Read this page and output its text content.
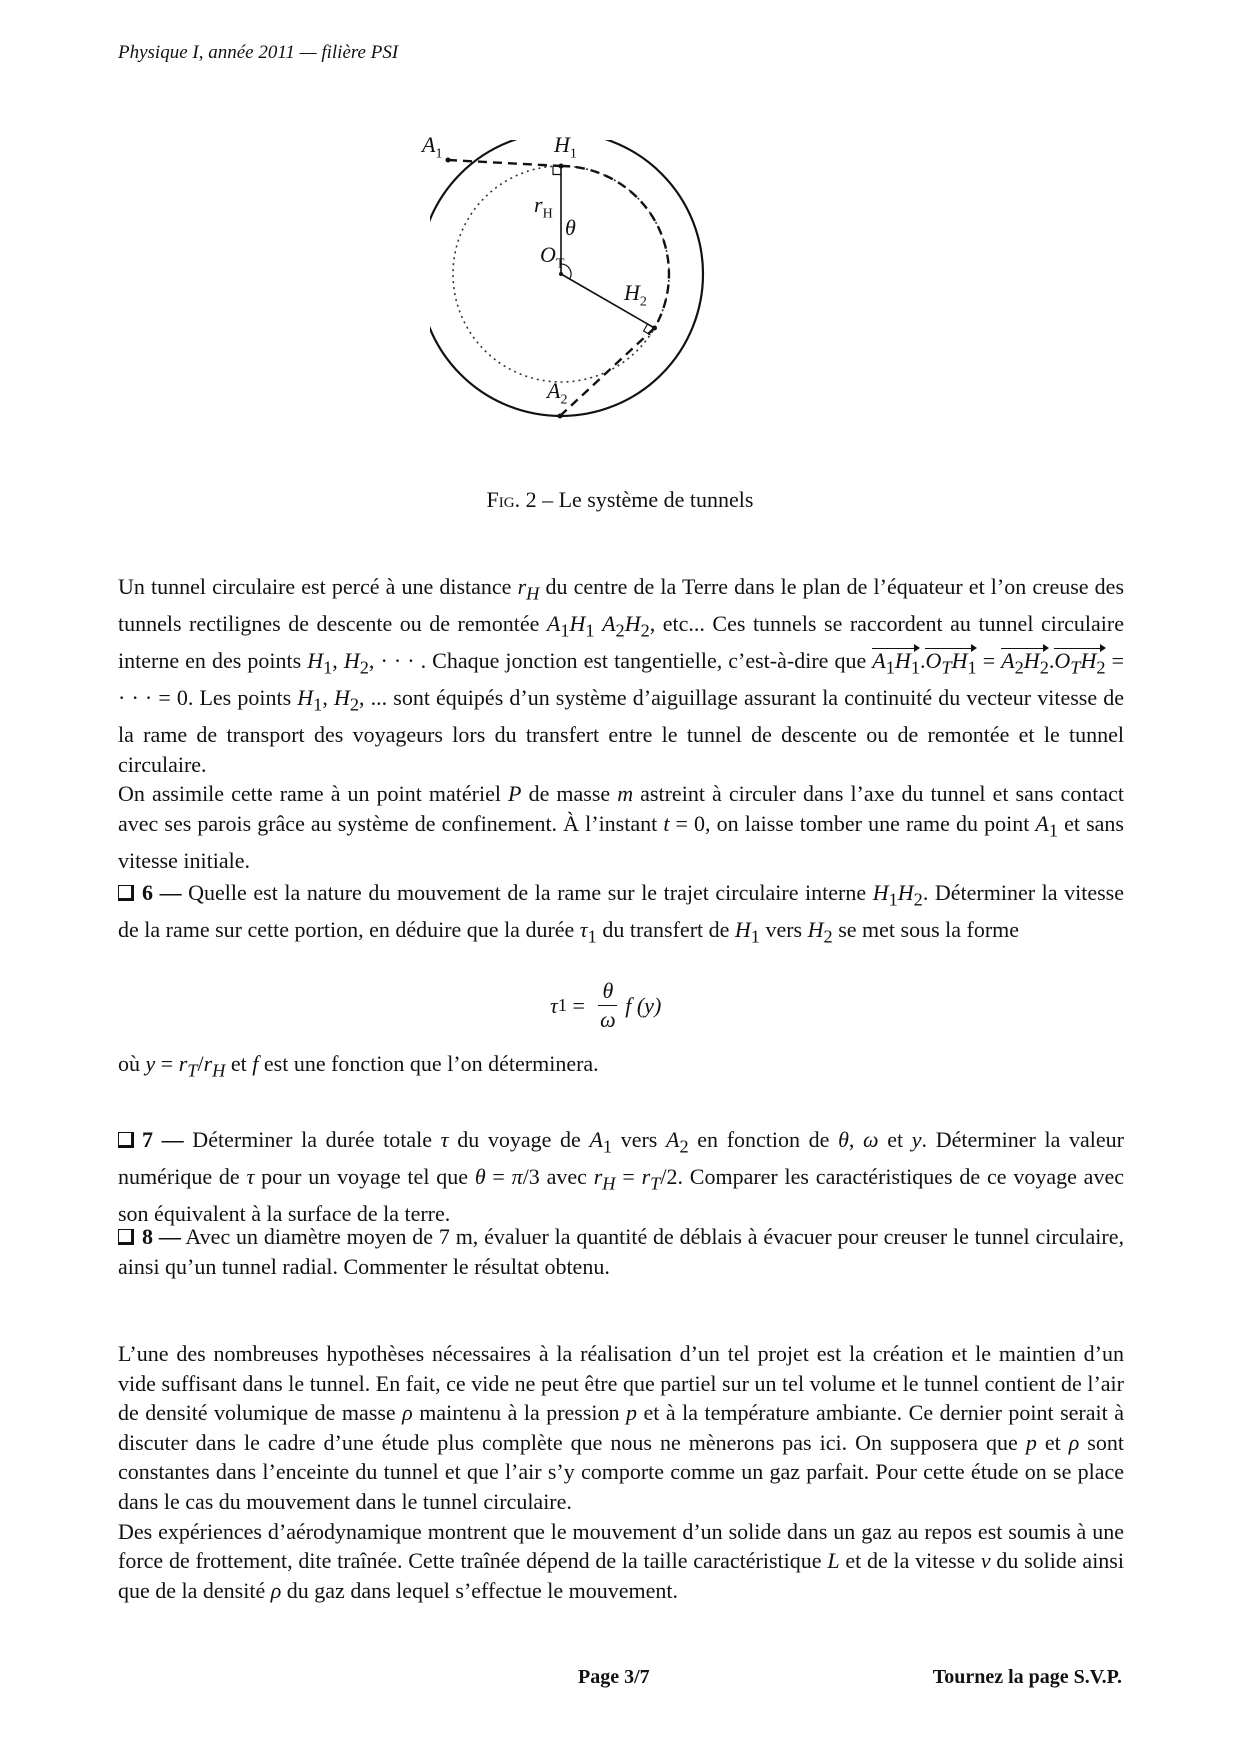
Physique I, année 2011 — filière PSI
$A_1$	$H_1$
$r_H$
θ
$O_T$
$H_2$
$A_2$
Fig. 2 – Le système de tunnels

Un tunnel circulaire est percé à une distance $r_H$ du centre de la Terre dans le plan de l’équateur et l’on creuse des tunnels rectilignes de descente ou de remontée $A_1H_1$ $A_2H_2$, etc... Ces tunnels se raccordent au tunnel circulaire interne en des points $H_1$, $H_2$, · · · . Chaque jonction est tangentielle, c’est-à-dire que $A_1H_1.O_TH_1 = A_2H_2.O_TH_2$ = · · · = 0. Les points $H_1$, $H_2$, ... sont équipés d’un système d’aiguillage assurant la continuité du vecteur vitesse de la rame de transport des voyageurs lors du transfert entre le tunnel de descente ou de remontée et le tunnel circulaire.

On assimile cette rame à un point matériel P de masse m astreint à circuler dans l’axe du tunnel et sans contact avec ses parois grâce au système de confinement. À l’instant t = 0, on laisse tomber une rame du point $A_1$ et sans vitesse initiale.

6 — Quelle est la nature du mouvement de la rame sur le trajet circulaire interne $H_1H_2$. Déterminer la vitesse de la rame sur cette portion, en déduire que la durée $\tau_1$ du transfert de $H_1$ vers $H_2$ se met sous la forme

τ $1 = \frac{\theta}{\omega}$ f (y)

où $y = r_T/r_H$ et f est une fonction que l’on déterminera.

7 — Déterminer la durée totale τ du voyage de $A_1$ vers $A_2$ en fonction de θ, ω et y. Déterminer la valeur numérique de τ pour un voyage tel que θ = π/3 avec $r_H = r_T/2$. Comparer les caractéristiques de ce voyage avec son équivalent à la surface de la terre.

8 — Avec un diamètre moyen de 7 m, évaluer la quantité de déblais à évacuer pour creuser le tunnel circulaire, ainsi qu’un tunnel radial. Commenter le résultat obtenu.

L’une des nombreuses hypothèses nécessaires à la réalisation d’un tel projet est la création et le maintien d’un vide suffisant dans le tunnel. En fait, ce vide ne peut être que partiel sur un tel volume et le tunnel contient de l’air de densité volumique de masse ρ maintenu à la pression p et à la température ambiante. Ce dernier point serait à discuter dans le cadre d’une étude plus complète que nous ne mènerons pas ici. On supposera que p et ρ sont constantes dans l’enceinte du tunnel et que l’air s’y comporte comme un gaz parfait. Pour cette étude on se place dans le cas du mouvement dans le tunnel circulaire.

Des expériences d’aérodynamique montrent que le mouvement d’un solide dans un gaz au repos est soumis à une force de frottement, dite traînée. Cette traînée dépend de la taille caractéristique L et de la vitesse v du solide ainsi que de la densité ρ du gaz dans lequel s’effectue le mouvement.

Page 3/7	Tournez la page S.V.P.
